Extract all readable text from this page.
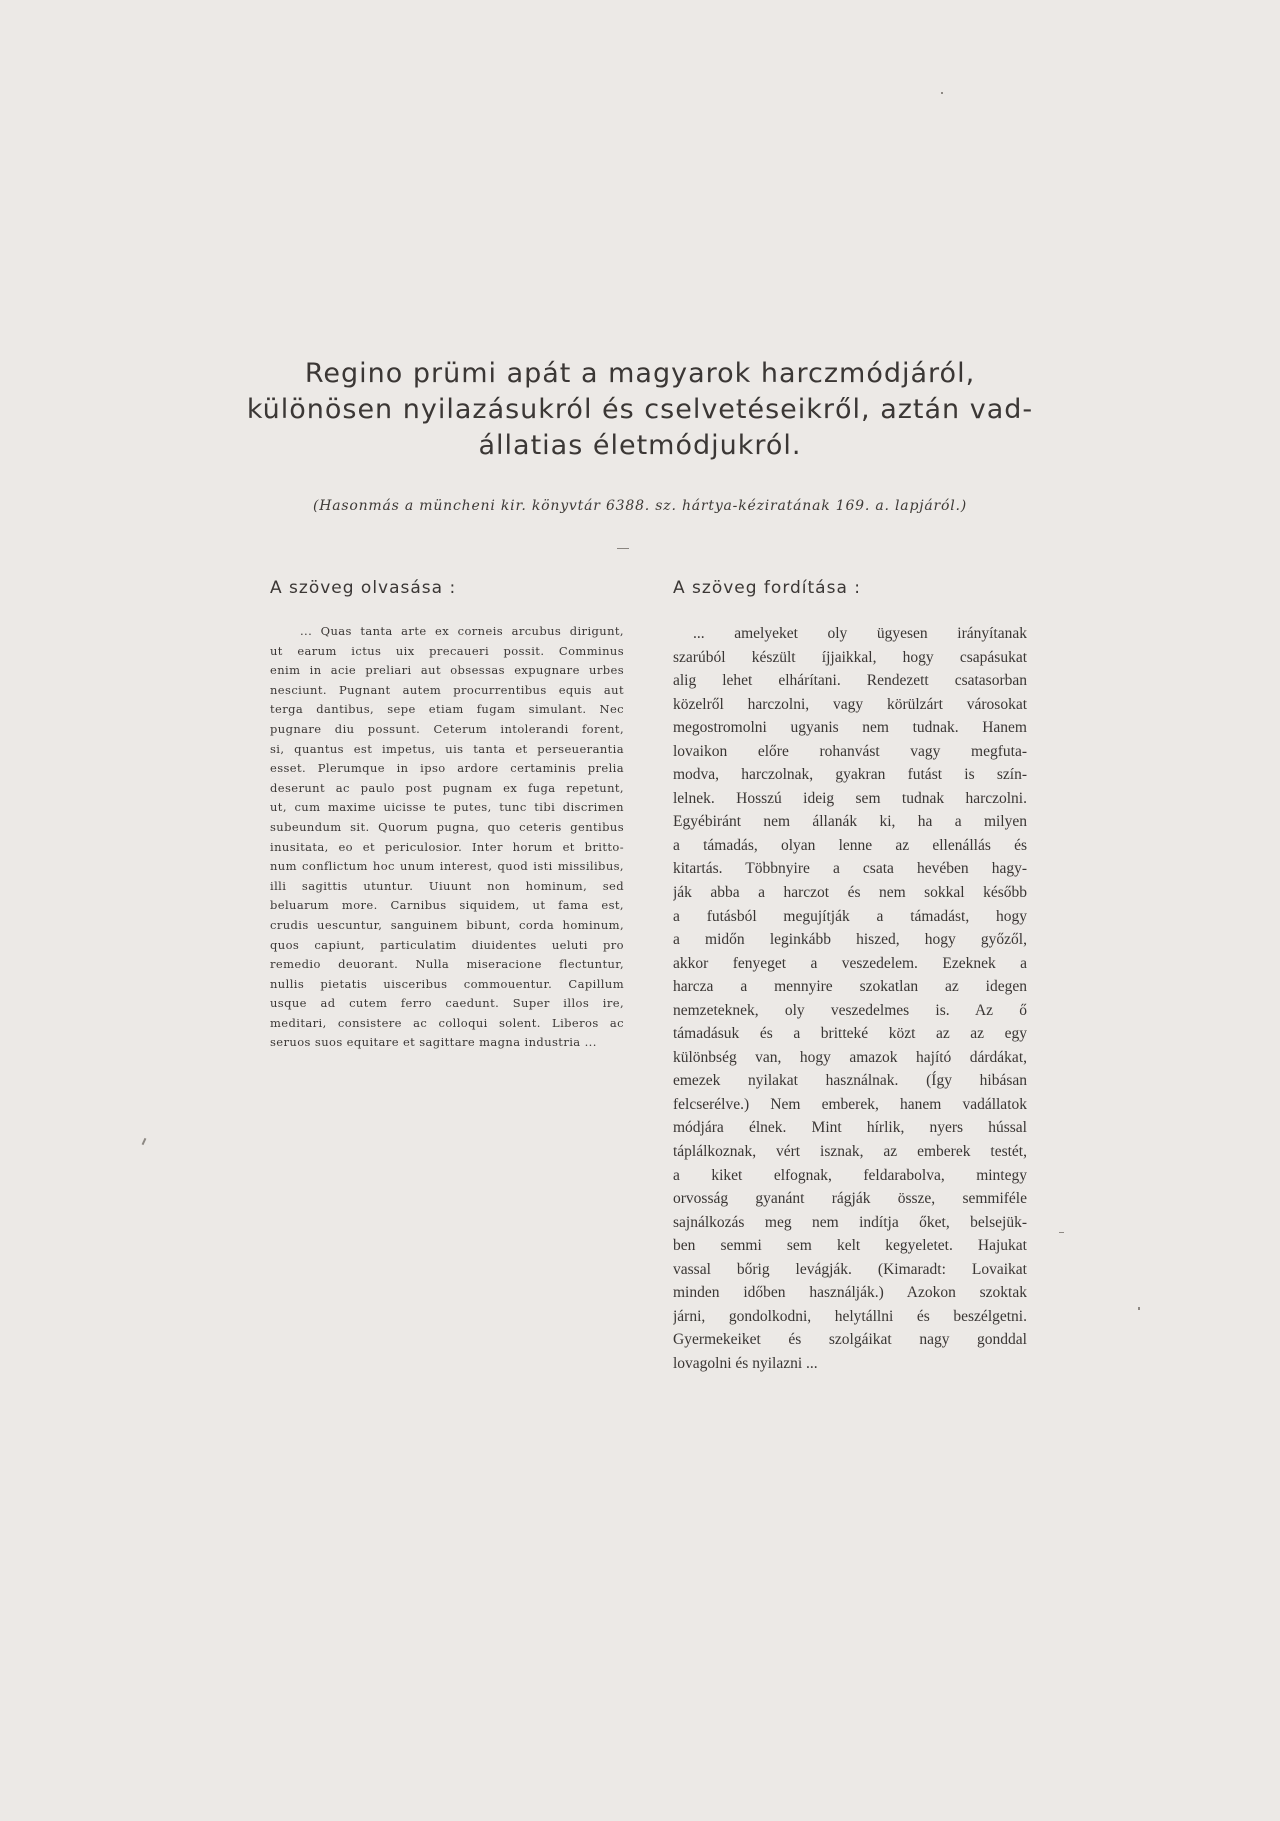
Regino prümi apát a magyarok harczmódjáról,
különösen nyilazásukról és cselvetéseikről, aztán vad-
állatias életmódjukról.
(Hasonmás a müncheni kir. könyvtár 6388. sz. hártya-kéziratának 169. a. lapjáról.)
A szöveg olvasása :
... Quas tanta arte ex corneis arcubus dirigunt,
ut earum ictus uix precaueri possit. Comminus
enim in acie preliari aut obsessas expugnare urbes
nesciunt. Pugnant autem procurrentibus equis aut
terga dantibus, sepe etiam fugam simulant. Nec
pugnare diu possunt. Ceterum intolerandi forent,
si, quantus est impetus, uis tanta et perseuerantia
esset. Plerumque in ipso ardore certaminis prelia
deserunt ac paulo post pugnam ex fuga repetunt,
ut, cum maxime uicisse te putes, tunc tibi discrimen
subeundum sit. Quorum pugna, quo ceteris gentibus
inusitata, eo et periculosior. Inter horum et britto-
num conflictum hoc unum interest, quod isti missilibus,
illi sagittis utuntur. Uiuunt non hominum, sed
beluarum more. Carnibus siquidem, ut fama est,
crudis uescuntur, sanguinem bibunt, corda hominum,
quos capiunt, particulatim diuidentes ueluti pro
remedio deuorant. Nulla miseracione flectuntur,
nullis pietatis uisceribus commouentur. Capillum
usque ad cutem ferro caedunt. Super illos ire,
meditari, consistere ac colloqui solent. Liberos ac
seruos suos equitare et sagittare magna industria ...
A szöveg fordítása :
... amelyeket oly ügyesen irányítanak
szarúból készült íjjaikkal, hogy csapásukat
alig lehet elhárítani. Rendezett csatasorban
közelről harczolni, vagy körülzárt városokat
megostromolni ugyanis nem tudnak. Hanem
lovaikon előre rohanvást vagy megfuta-
modva, harczolnak, gyakran futást is szín-
lelnek. Hosszú ideig sem tudnak harczolni.
Egyébiránt nem állanák ki, ha a milyen
a támadás, olyan lenne az ellenállás és
kitartás. Többnyire a csata hevében hagy-
ják abba a harczot és nem sokkal később
a futásból megujítják a támadást, hogy
a midőn leginkább hiszed, hogy győzől,
akkor fenyeget a veszedelem. Ezeknek a
harcza a mennyire szokatlan az idegen
nemzeteknek, oly veszedelmes is. Az ő
támadásuk és a britteké közt az az egy
különbség van, hogy amazok hajító dárdákat,
emezek nyilakat használnak. (Így hibásan
felcserélve.) Nem emberek, hanem vadállatok
módjára élnek. Mint hírlik, nyers hússal
táplálkoznak, vért isznak, az emberek testét,
a kiket elfognak, feldarabolva, mintegy
orvosság gyanánt rágják össze, semmiféle
sajnálkozás meg nem indítja őket, belsejük-
ben semmi sem kelt kegyeletet. Hajukat
vassal bőrig levágják. (Kimaradt: Lovaikat
minden időben használják.) Azokon szoktak
járni, gondolkodni, helytállni és beszélgetni.
Gyermekeiket és szolgáikat nagy gonddal
lovagolni és nyilazni ...
